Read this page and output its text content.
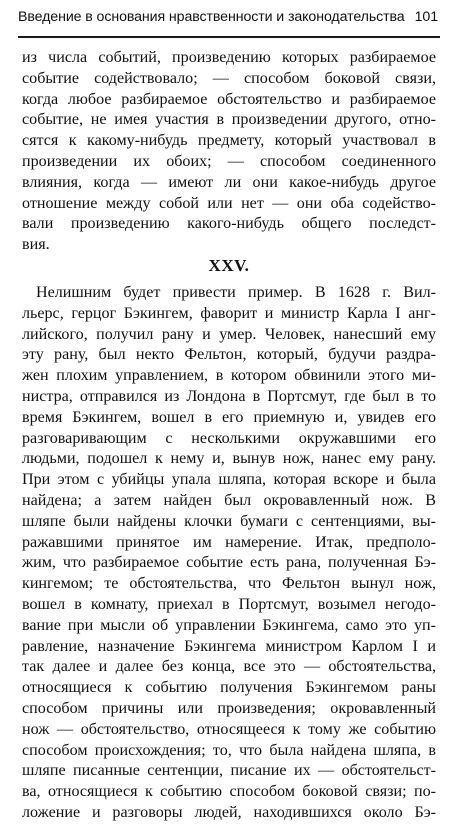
Введение в основания нравственности и законодательства 101
из числа событий, произведению которых разбираемое
событие содействовало; — способом боковой связи,
когда любое разбираемое обстоятельство и разбираемое
событие, не имея участия в произведении другого, отно-
сятся к какому-нибудь предмету, который участвовал в
произведении их обоих; — способом соединенного
влияния, когда — имеют ли они какое-нибудь другое
отношение между собой или нет — они оба содейство-
вали произведению какого-нибудь общего последст-
вия.
XXV.
Нелишним будет привести пример. В 1628 г. Вил-
льерс, герцог Бэкингем, фаворит и министр Карла I анг-
лийского, получил рану и умер. Человек, нанесший ему
эту рану, был некто Фельтон, который, будучи раздра-
жен плохим управлением, в котором обвинили этого ми-
нистра, отправился из Лондона в Портсмут, где был в то
время Бэкингем, вошел в его приемную и, увидев его
разговаривающим с несколькими окружавшими его
людьми, подошел к нему и, вынув нож, нанес ему рану.
При этом с убийцы упала шляпа, которая вскоре и была
найдена; а затем найден был окровавленный нож. В
шляпе были найдены клочки бумаги с сентенциями, вы-
ражавшими принятое им намерение. Итак, предполо-
жим, что разбираемое событие есть рана, полученная Бэ-
кингемом; те обстоятельства, что Фельтон вынул нож,
вошел в комнату, приехал в Портсмут, возымел негодо-
вание при мысли об управлении Бэкингема, само это уп-
равление, назначение Бэкингема министром Карлом I и
так далее и далее без конца, все это — обстоятельства,
относящиеся к событию получения Бэкингемом раны
способом причины или произведения; окровавленный
нож — обстоятельство, относящееся к тому же событию
способом происхождения; то, что была найдена шляпа, в
шляпе писанные сентенции, писание их — обстоятельст-
ва, относящиеся к событию способом боковой связи; по-
ложение и разговоры людей, находившихся около Бэ-
